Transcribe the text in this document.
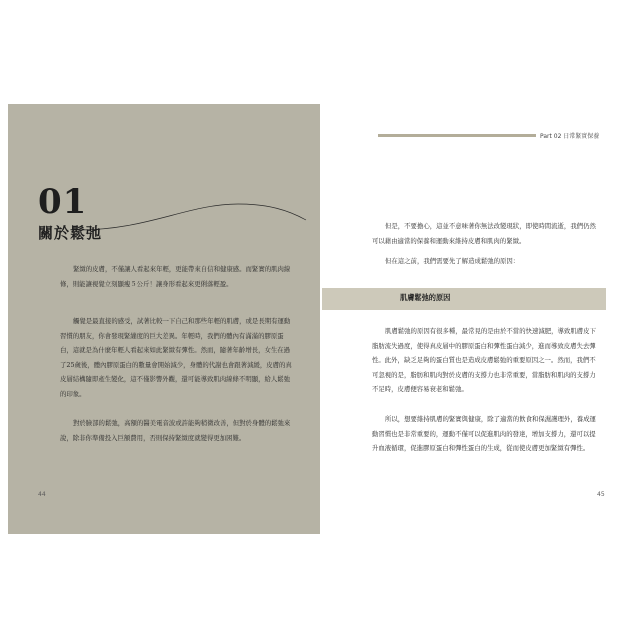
01
關於鬆弛

緊緻的皮膚，不僅讓人看起來年輕，更能帶來自信和健康感。而緊實的肌肉線條，則能讓視覺立刻顯瘦５公斤！讓身形看起來更俐落輕盈。

觸覺是最直接的感受，試著比較一下自己和那些年輕的肌膚，或是長期有運動習慣的朋友，你會發現緊繃度的巨大差異。年輕時，我們的體內有滿滿的膠原蛋白，這就是為什麼年輕人看起來如此緊緻有彈性。然而，隨著年齡增長，女生在過了25歲後，體內膠原蛋白的數量會開始減少，身體的代謝也會跟著減緩，皮膚的真皮層結構隨即產生變化，這不僅影響外觀，還可能導致肌肉線條不明顯，給人鬆弛的印象。

對於臉部的鬆弛，高額的醫美電音波或許能夠稍微改善，但對於身體的鬆弛來說，除非你準備投入巨額費用，否則保持緊緻度就變得更加困難。

44
Part 02 日常緊實保養

但是，不要擔心，這並不意味著你無法改變現狀，即使時間流逝，我們仍然可以藉由適當的保養和運動來維持皮膚和肌肉的緊緻。

但在這之前，我們需要先了解造成鬆弛的原因：

肌膚鬆弛的原因

肌膚鬆弛的原因有很多種，最常見的是由於不當的快速減肥，導致肌膚皮下脂肪流失過度，使得真皮層中的膠原蛋白和彈性蛋白減少，進而導致皮膚失去彈性。此外，缺乏足夠的蛋白質也是造成皮膚鬆弛的重要原因之一。然而，我們不可忽視的是，脂肪和肌肉對於皮膚的支撐力也非常重要，當脂肪和肌肉的支撐力不足時，皮膚便容易衰老和鬆弛。

所以，想要維持肌膚的緊實與健康，除了適當的飲食和保濕護理外，養成運動習慣也是非常重要的，運動不僅可以促進肌肉的發達，增加支撐力，還可以提升血液循環，促進膠原蛋白和彈性蛋白的生成，從而使皮膚更加緊緻有彈性。

45
